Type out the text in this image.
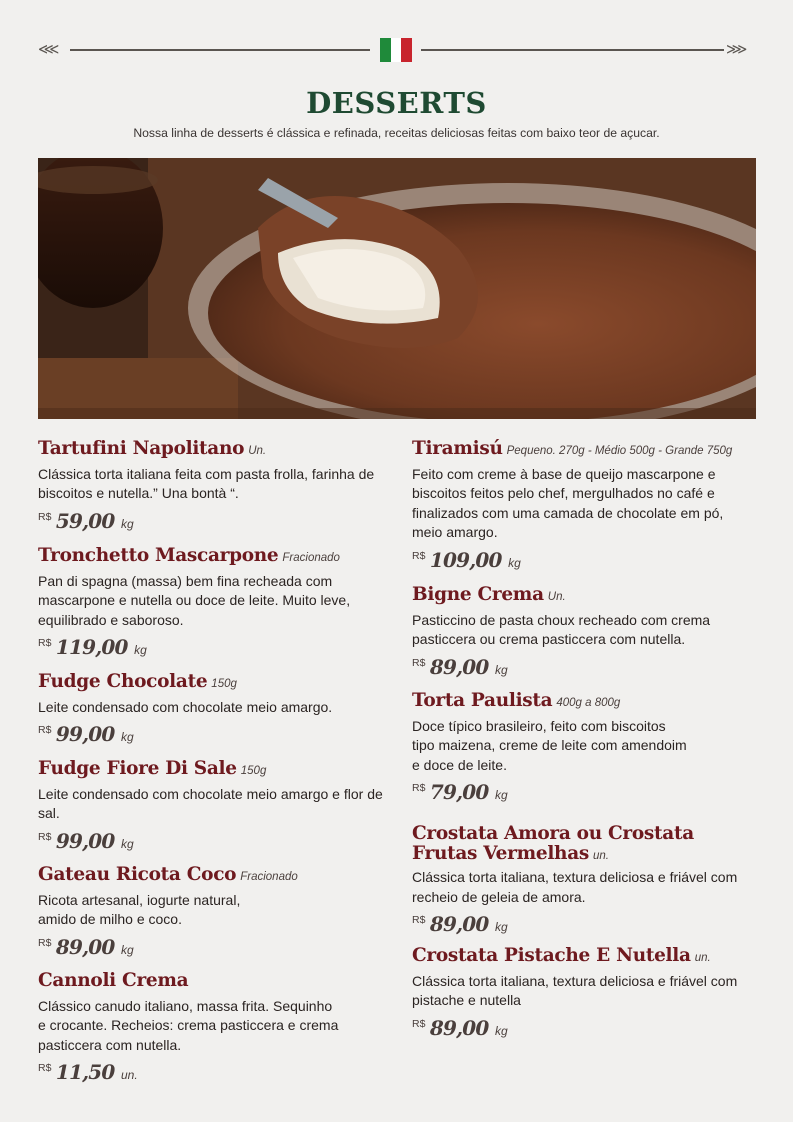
⋘	⋙
DESSERTS

Nossa linha de desserts é clássica e refinada, receitas deliciosas feitas com baixo teor de açucar.

Tartufini Napolitano Un.

Clássica torta italiana feita com pasta frolla, farinha de biscoitos e nutella.” Una bontà “.

$^{R\$}$ 59,00 kg
Tronchetto Mascarpone Fracionado

Pan di spagna (massa) bem fina recheada com mascarpone e nutella ou doce de leite. Muito leve, equilibrado e saboroso.

$^{R\$}$ 119,00 kg
Fudge Chocolate 150g

Leite condensado com chocolate meio amargo.

$^{R\$}$ 99,00 kg
Fudge Fiore Di Sale 150g

Leite condensado com chocolate meio amargo e flor de sal.

$^{R\$}$ 99,00 kg
Gateau Ricota Coco Fracionado

Ricota artesanal, iogurte natural,
amido de milho e coco.

$^{R\$}$ 89,00 kg
Cannoli Crema

Clássico canudo italiano, massa frita. Sequinho
e crocante. Recheios: crema pasticcera e crema pasticcera com nutella.

$^{R\$}$ 11,50 un.
Tiramisú Pequeno. 270g - Médio 500g - Grande 750g

Feito com creme à base de queijo mascarpone e biscoitos feitos pelo chef, mergulhados no café e finalizados com uma camada de chocolate em pó, meio amargo.

$^{R\$}$ 109,00 kg
Bigne Crema Un.

Pasticcino de pasta choux recheado com crema pasticcera ou crema pasticcera com nutella.

$^{R\$}$ 89,00 kg
Torta Paulista 400g a 800g

Doce típico brasileiro, feito com biscoitos
tipo maizena, creme de leite com amendoim
e doce de leite.

$^{R\$}$ 79,00 kg
Crostata Amora ou Crostata Frutas Vermelhas un.

Clássica torta italiana, textura deliciosa e friável com recheio de geleia de amora.

$^{R\$}$ 89,00 kg
Crostata Pistache E Nutella un.

Clássica torta italiana, textura deliciosa e friável com pistache e nutella

$^{R\$}$ 89,00 kg
